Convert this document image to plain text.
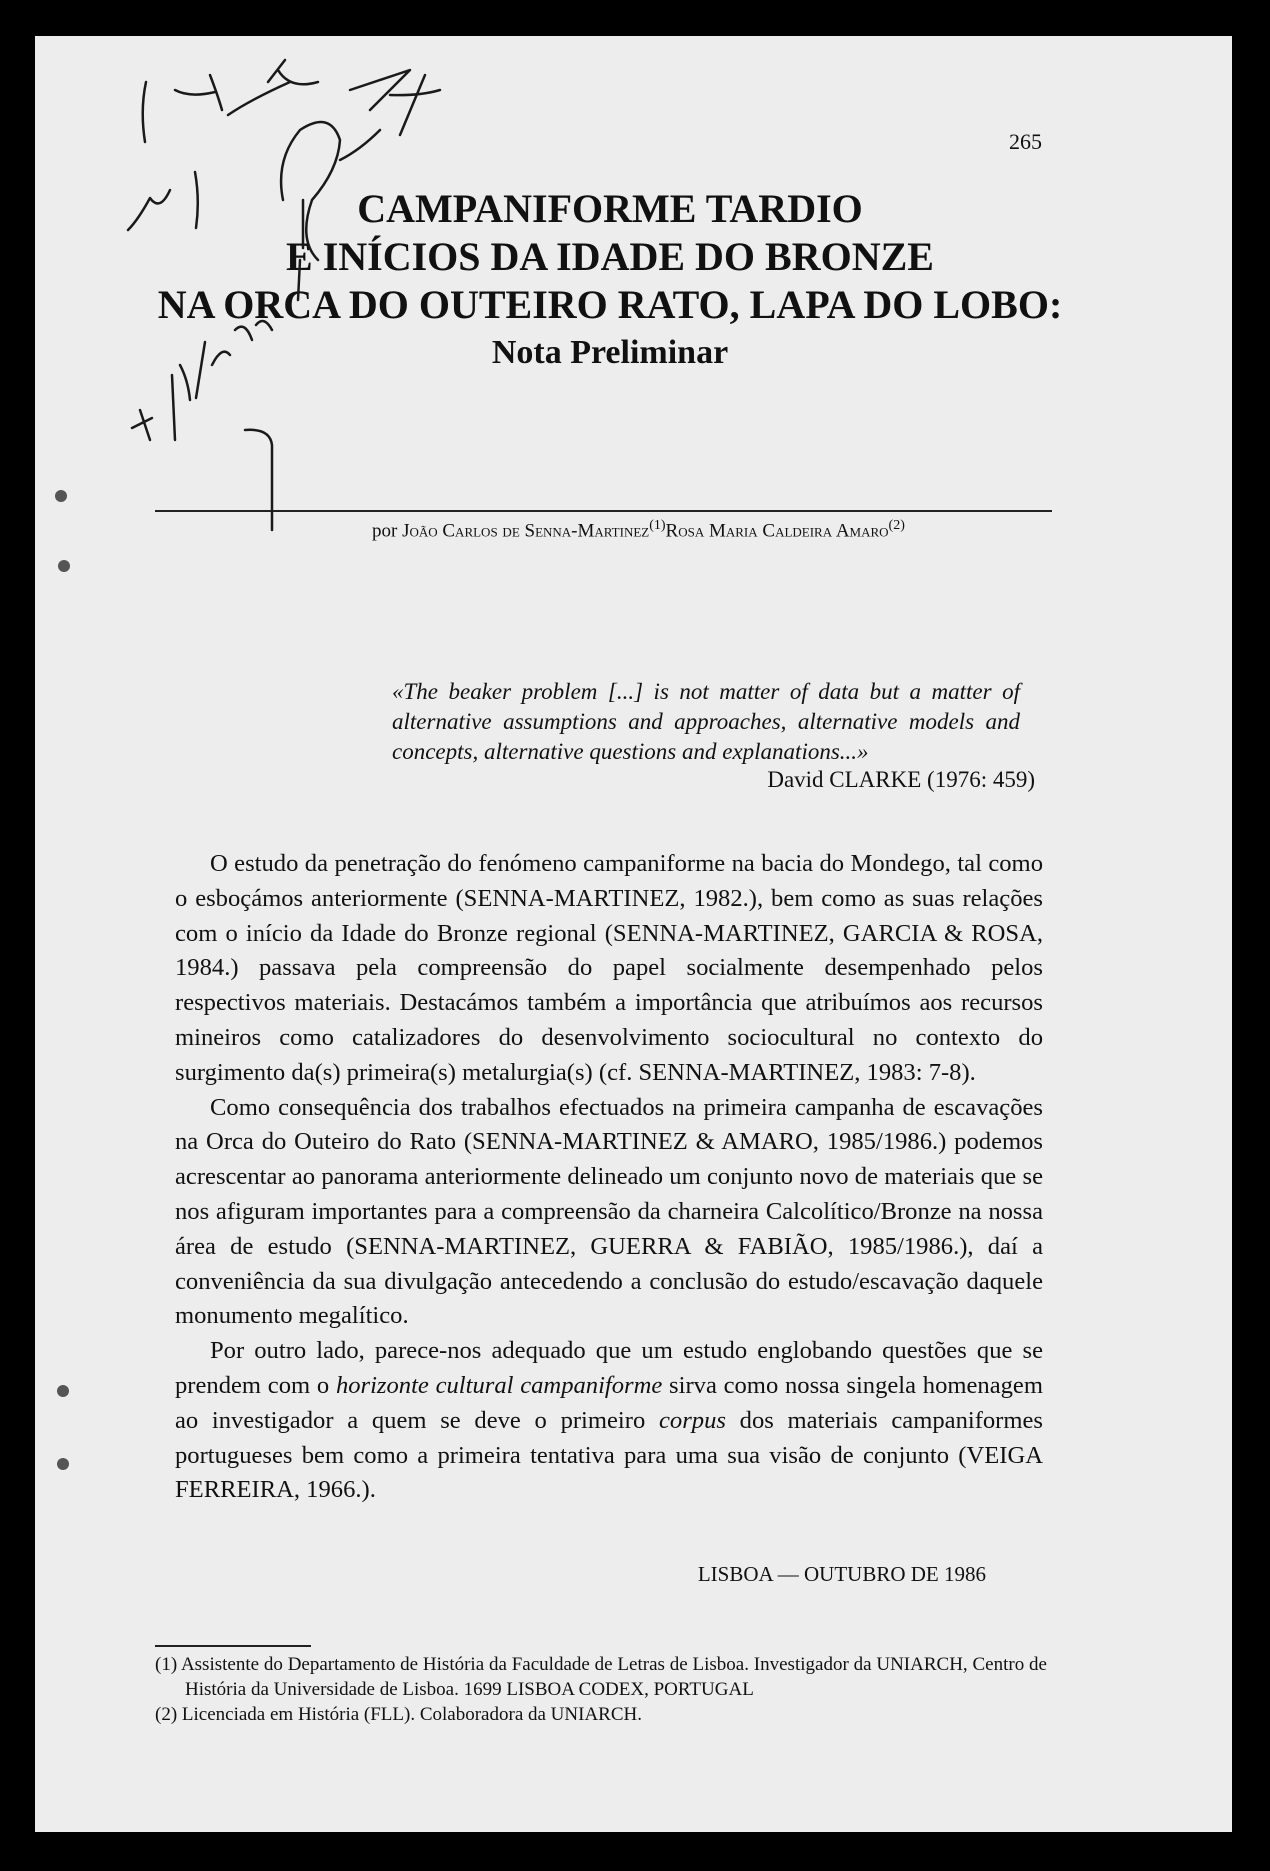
265
CAMPANIFORME TARDIO
E INÍCIOS DA IDADE DO BRONZE
NA ORCA DO OUTEIRO RATO, LAPA DO LOBO:
Nota Preliminar
por João Carlos de Senna-Martinez$^{(1)}$Rosa Maria Caldeira Amaro$^{(2)}$
«The beaker problem [...] is not matter of data but a matter of alternative assumptions and approaches, alternative models and concepts, alternative questions and explanations...»
David CLARKE (1976: 459)

O estudo da penetração do fenómeno campaniforme na bacia do Mondego, tal como o esboçámos anteriormente (SENNA-MARTINEZ, 1982.), bem como as suas relações com o início da Idade do Bronze regional (SENNA-MARTINEZ, GARCIA & ROSA, 1984.) passava pela compreensão do papel socialmente desempenhado pelos respectivos materiais. Destacámos também a importância que atribuímos aos recursos mineiros como catalizadores do desenvolvimento sociocultural no contexto do surgimento da(s) primeira(s) metalurgia(s) (cf. SENNA-MARTINEZ, 1983: 7-8).

Como consequência dos trabalhos efectuados na primeira campanha de escavações na Orca do Outeiro do Rato (SENNA-MARTINEZ & AMARO, 1985/1986.) podemos acrescentar ao panorama anteriormente delineado um conjunto novo de materiais que se nos afiguram importantes para a compreensão da charneira Calcolítico/Bronze na nossa área de estudo (SENNA-MARTINEZ, GUERRA & FABIÃO, 1985/1986.), daí a conveniência da sua divulgação antecedendo a conclusão do estudo/escavação daquele monumento megalítico.

Por outro lado, parece-nos adequado que um estudo englobando questões que se prendem com o horizonte cultural campaniforme sirva como nossa singela homenagem ao investigador a quem se deve o primeiro corpus dos materiais campaniformes portugueses bem como a primeira tentativa para uma sua visão de conjunto (VEIGA FERREIRA, 1966.).

LISBOA — OUTUBRO DE 1986
(1) Assistente do Departamento de História da Faculdade de Letras de Lisboa. Investigador da UNIARCH, Centro de História da Universidade de Lisboa. 1699 LISBOA CODEX, PORTUGAL
(2) Licenciada em História (FLL). Colaboradora da UNIARCH.
